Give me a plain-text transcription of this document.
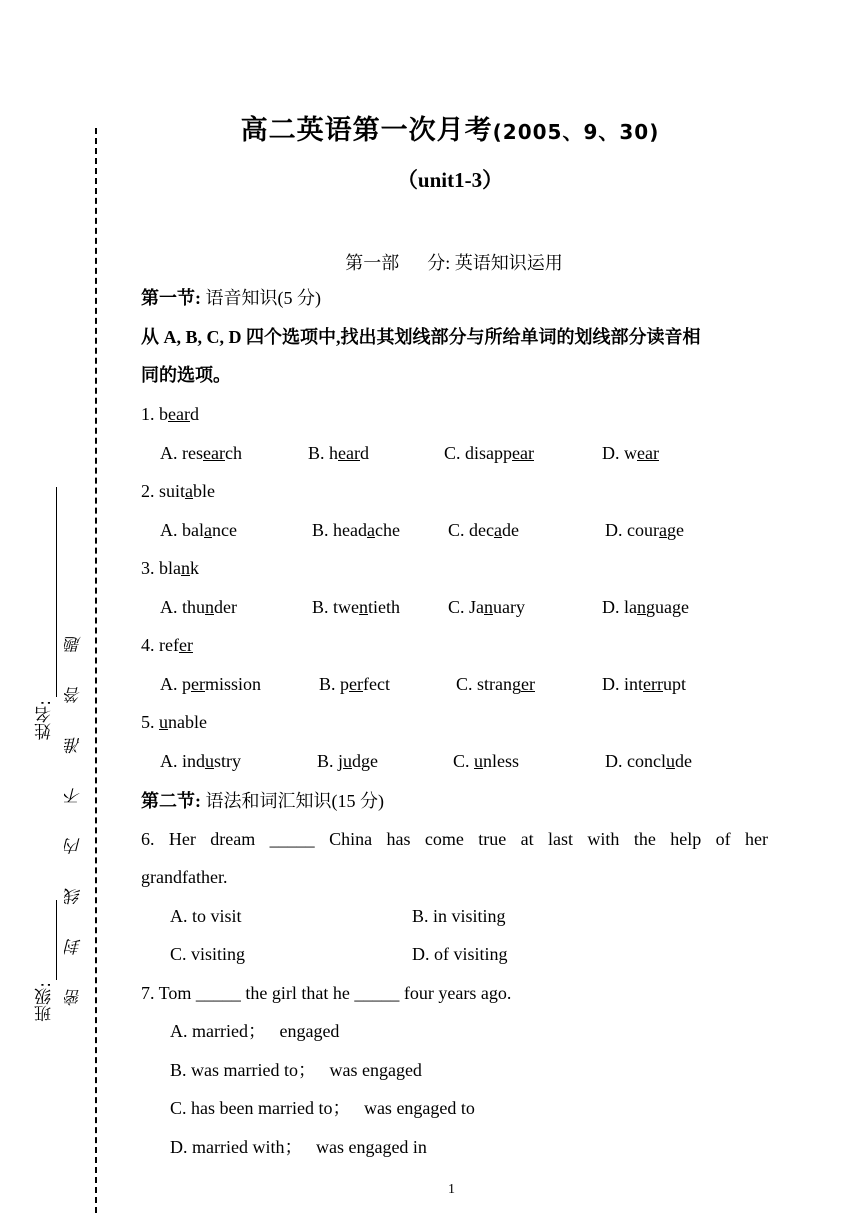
班级:
姓名: 密 封 线 内 不 准 答 题
高二英语第一次月考(2005、9、30)
（unit1-3）
第一部 分: 英语知识运用
第一节: 语音知识(5 分)
从 A, B, C, D 四个选项中,找出其划线部分与所给单词的划线部分读音相
同的选项。
1. beard
A. research	B. heard	C. disappear	D. wear
2. suitable
A. balance	B. headache	C. decade	D. courage
3. blank
A. thunder	B. twentieth	C. January	D. language
4. refer
A. permission	B. perfect	C. stranger	D. interrupt
5. unable
A. industry	B. judge	C. unless	D. conclude
第二节: 语法和词汇知识(15 分)
6. Her dream _____ China has come true at last with the help of her
grandfather.
A. to visit	B. in visiting
C. visiting	D. of visiting
7. Tom _____ the girl that he _____ four years ago.
A. married；   engaged
B. was married to；   was engaged
C. has been married to；   was engaged to
D. married with；   was engaged in
1
